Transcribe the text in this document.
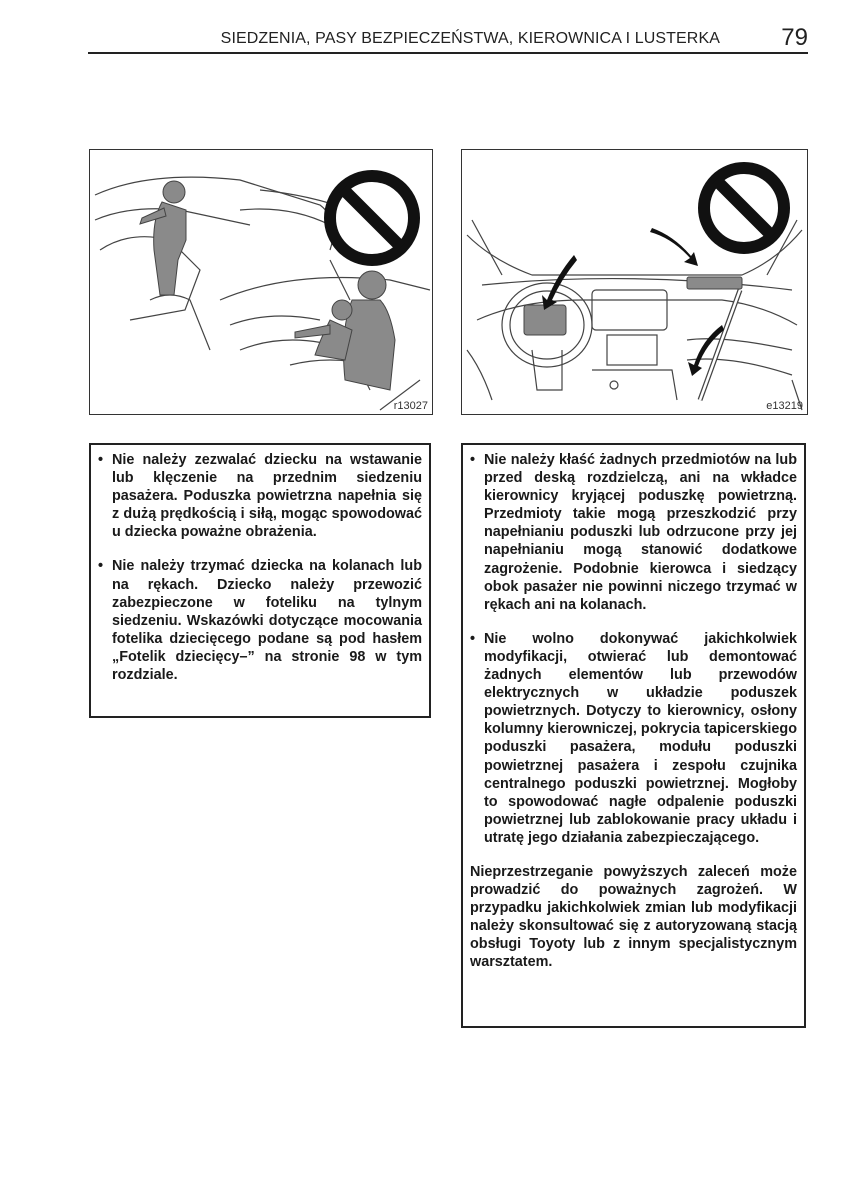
SIEDZENIA, PASY BEZPIECZEŃSTWA, KIEROWNICA I LUSTERKA	79
r13027	e13219
• Nie należy zezwalać dziecku na wstawanie lub klęczenie na przednim siedzeniu pasażera. Poduszka powietrzna napełnia się z dużą prędkością i siłą, mogąc spowodować u dziecka poważne obrażenia.
• Nie należy trzymać dziecka na kolanach lub na rękach. Dziecko należy przewozić zabezpieczone w foteliku na tylnym siedzeniu. Wskazówki dotyczące mocowania fotelika dziecięcego podane są pod hasłem „Fotelik dziecięcy–” na stronie 98 w tym rozdziale.
• Nie należy kłaść żadnych przedmiotów na lub przed deską rozdzielczą, ani na wkładce kierownicy kryjącej poduszkę powietrzną. Przedmioty takie mogą przeszkodzić przy napełnianiu poduszki lub odrzucone przy jej napełnianiu mogą stanowić dodatkowe zagrożenie. Podobnie kierowca i siedzący obok pasażer nie powinni niczego trzymać w rękach ani na kolanach.
• Nie wolno dokonywać jakichkolwiek modyfikacji, otwierać lub demontować żadnych elementów lub przewodów elektrycznych w układzie poduszek powietrznych. Dotyczy to kierownicy, osłony kolumny kierowniczej, pokrycia tapicerskiego poduszki pasażera, modułu poduszki powietrznej pasażera i zespołu czujnika centralnego poduszki powietrznej. Mogłoby to spowodować nagłe odpalenie poduszki powietrznej lub zablokowanie pracy układu i utratę jego działania zabezpieczającego.
Nieprzestrzeganie powyższych zaleceń może prowadzić do poważnych zagrożeń. W przypadku jakichkolwiek zmian lub modyfikacji należy skonsultować się z autoryzowaną stacją obsługi Toyoty lub z innym specjalistycznym warsztatem.
